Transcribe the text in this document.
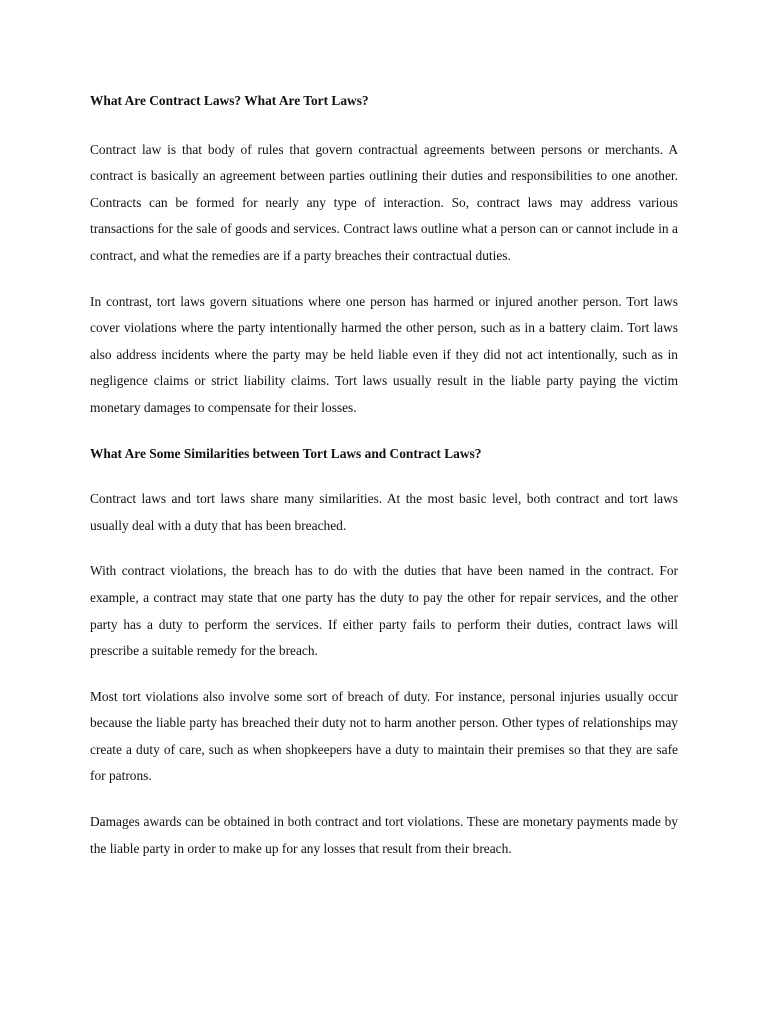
What Are Contract Laws? What Are Tort Laws?
Contract law is that body of rules that govern contractual agreements between persons or merchants. A contract is basically an agreement between parties outlining their duties and responsibilities to one another. Contracts can be formed for nearly any type of interaction. So, contract laws may address various transactions for the sale of goods and services. Contract laws outline what a person can or cannot include in a contract, and what the remedies are if a party breaches their contractual duties.
In contrast, tort laws govern situations where one person has harmed or injured another person. Tort laws cover violations where the party intentionally harmed the other person, such as in a battery claim. Tort laws also address incidents where the party may be held liable even if they did not act intentionally, such as in negligence claims or strict liability claims. Tort laws usually result in the liable party paying the victim monetary damages to compensate for their losses.
What Are Some Similarities between Tort Laws and Contract Laws?
Contract laws and tort laws share many similarities. At the most basic level, both contract and tort laws usually deal with a duty that has been breached.
With contract violations, the breach has to do with the duties that have been named in the contract. For example, a contract may state that one party has the duty to pay the other for repair services, and the other party has a duty to perform the services. If either party fails to perform their duties, contract laws will prescribe a suitable remedy for the breach.
Most tort violations also involve some sort of breach of duty. For instance, personal injuries usually occur because the liable party has breached their duty not to harm another person. Other types of relationships may create a duty of care, such as when shopkeepers have a duty to maintain their premises so that they are safe for patrons.
Damages awards can be obtained in both contract and tort violations. These are monetary payments made by the liable party in order to make up for any losses that result from their breach.
